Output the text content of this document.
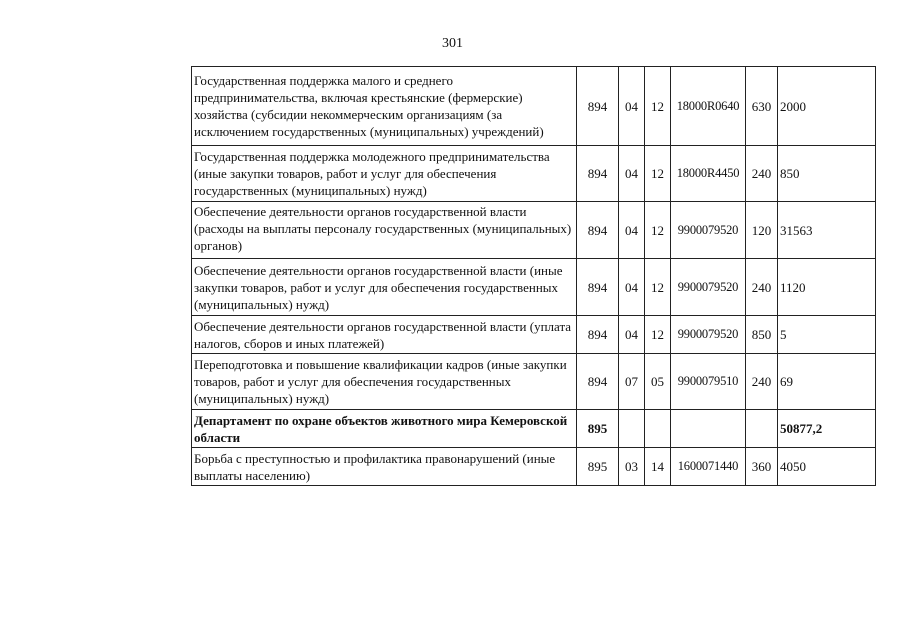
301
Государственная поддержка малого и среднего предпринимательства, включая крестьянские (фермерские) хозяйства (субсидии некоммерческим организациям (за исключением государственных (муниципальных) учреждений)	894	04	12	18000R0640	630	2000
Государственная поддержка молодежного предпринимательства (иные закупки товаров, работ и услуг для обеспечения государственных (муниципальных) нужд)	894	04	12	18000R4450	240	850
Обеспечение деятельности органов государственной власти (расходы на выплаты персоналу государственных (муниципальных) органов)	894	04	12	9900079520	120	31563
Обеспечение деятельности органов государственной власти (иные закупки товаров, работ и услуг для обеспечения государственных (муниципальных) нужд)	894	04	12	9900079520	240	1120
Обеспечение деятельности органов государственной власти (уплата налогов, сборов и иных платежей)	894	04	12	9900079520	850	5
Переподготовка и повышение квалификации кадров (иные закупки товаров, работ и услуг для обеспечения государственных (муниципальных) нужд)	894	07	05	9900079510	240	69
Департамент по охране объектов животного мира Кемеровской области	895					50877,2
Борьба с преступностью и профилактика правонарушений (иные выплаты населению)	895	03	14	1600071440	360	4050
